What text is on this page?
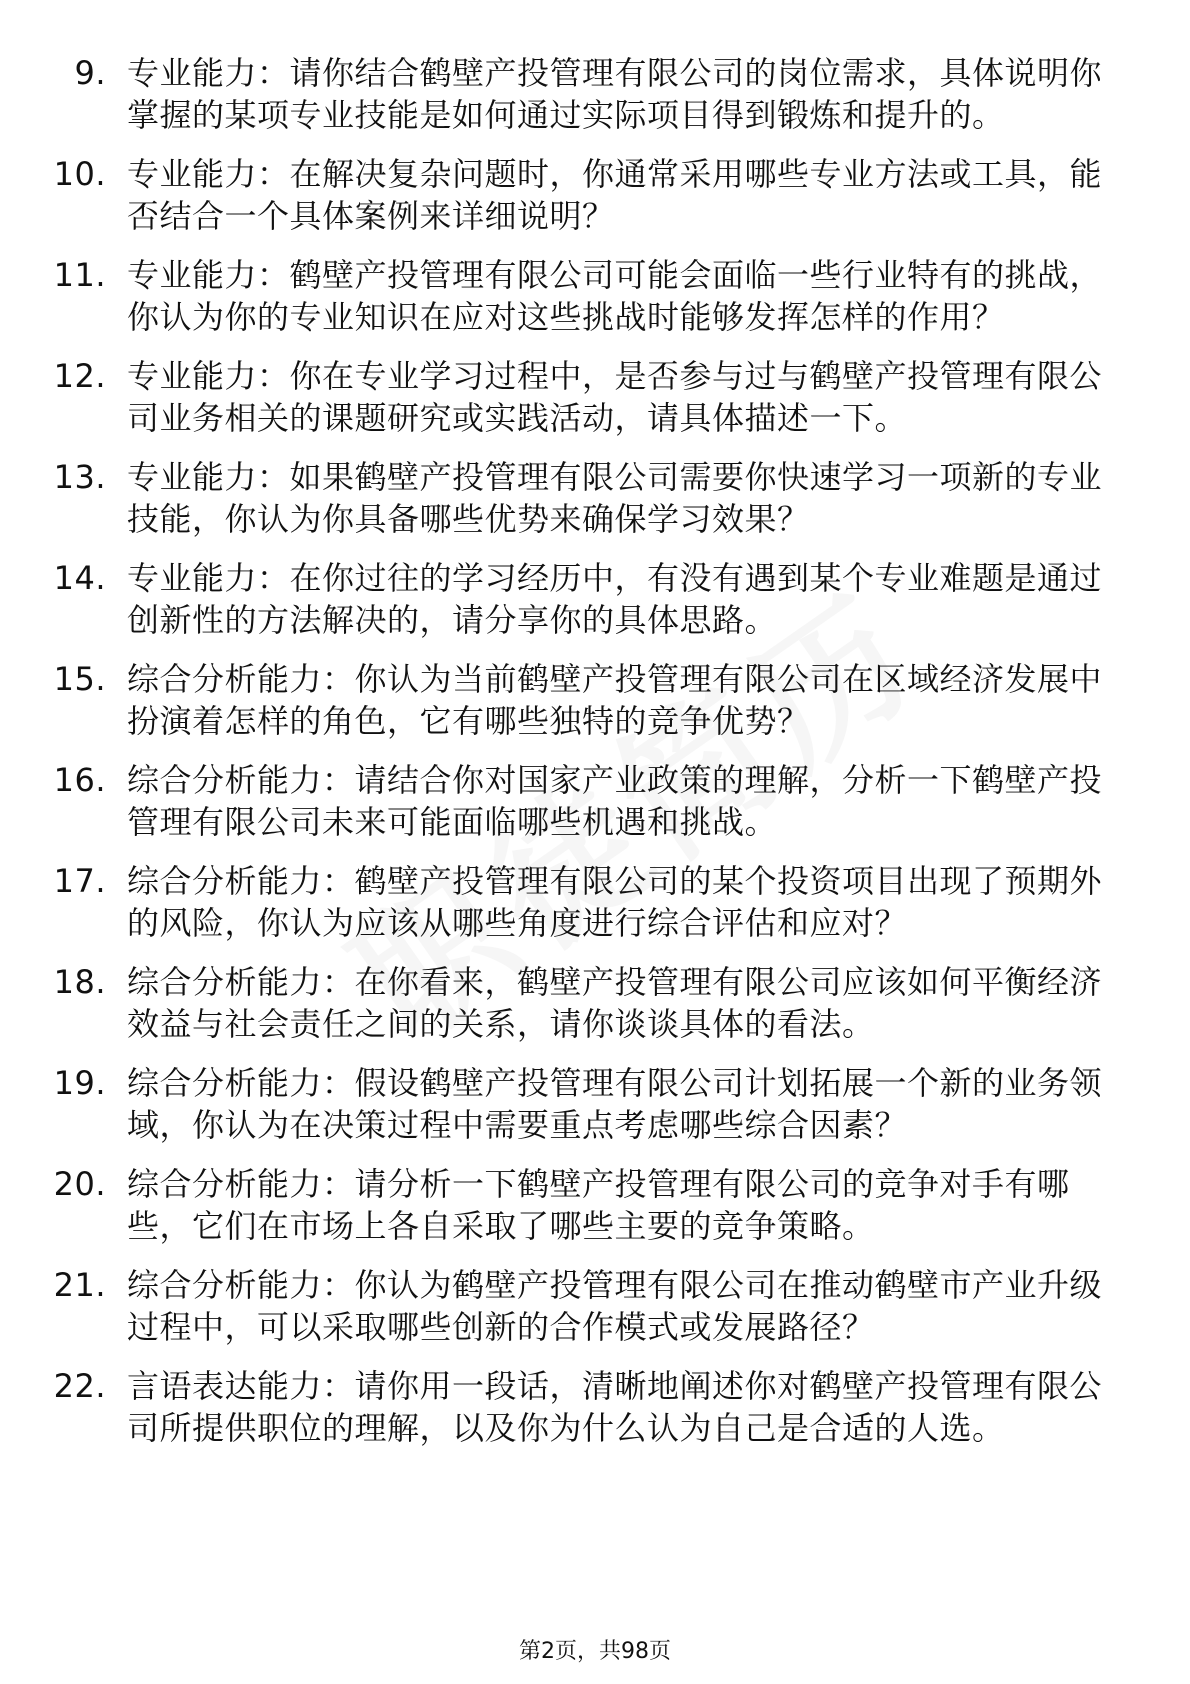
9. 专业能力：请你结合鹤壁产投管理有限公司的岗位需求，具体说明你掌握的某项专业技能是如何通过实际项目得到锻炼和提升的。
10. 专业能力：在解决复杂问题时，你通常采用哪些专业方法或工具，能否结合一个具体案例来详细说明？
11. 专业能力：鹤壁产投管理有限公司可能会面临一些行业特有的挑战，你认为你的专业知识在应对这些挑战时能够发挥怎样的作用？
12. 专业能力：你在专业学习过程中，是否参与过与鹤壁产投管理有限公司业务相关的课题研究或实践活动，请具体描述一下。
13. 专业能力：如果鹤壁产投管理有限公司需要你快速学习一项新的专业技能，你认为你具备哪些优势来确保学习效果？
14. 专业能力：在你过往的学习经历中，有没有遇到某个专业难题是通过创新性的方法解决的，请分享你的具体思路。
15. 综合分析能力：你认为当前鹤壁产投管理有限公司在区域经济发展中扮演着怎样的角色，它有哪些独特的竞争优势？
16. 综合分析能力：请结合你对国家产业政策的理解，分析一下鹤壁产投管理有限公司未来可能面临哪些机遇和挑战。
17. 综合分析能力：鹤壁产投管理有限公司的某个投资项目出现了预期外的风险，你认为应该从哪些角度进行综合评估和应对？
18. 综合分析能力：在你看来，鹤壁产投管理有限公司应该如何平衡经济效益与社会责任之间的关系，请你谈谈具体的看法。
19. 综合分析能力：假设鹤壁产投管理有限公司计划拓展一个新的业务领域，你认为在决策过程中需要重点考虑哪些综合因素？
20. 综合分析能力：请分析一下鹤壁产投管理有限公司的竞争对手有哪些，它们在市场上各自采取了哪些主要的竞争策略。
21. 综合分析能力：你认为鹤壁产投管理有限公司在推动鹤壁市产业升级过程中，可以采取哪些创新的合作模式或发展路径？
22. 言语表达能力：请你用一段话，清晰地阐述你对鹤壁产投管理有限公司所提供职位的理解，以及你为什么认为自己是合适的人选。
第2页，共98页
